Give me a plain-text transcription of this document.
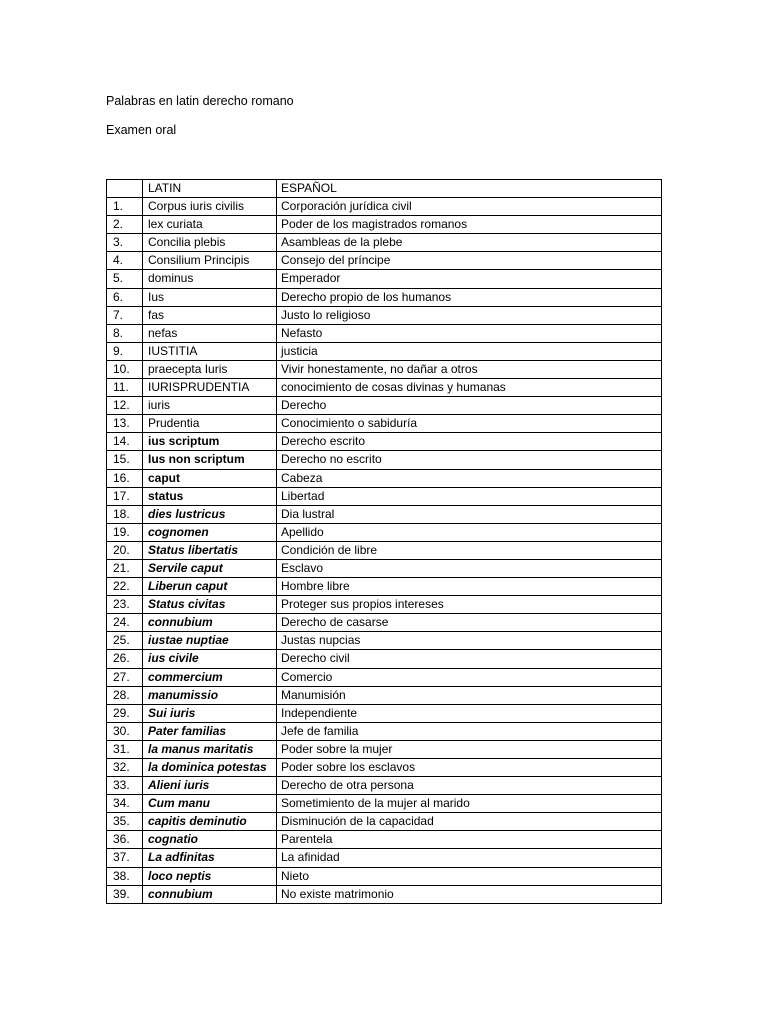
Palabras en latin derecho romano
Examen oral
	LATIN	ESPAÑOL
1.	Corpus iuris civilis	Corporación jurídica civil
2.	lex curiata	Poder de los magistrados romanos
3.	Concilia plebis	Asambleas de la plebe
4.	Consilium Principis	Consejo del príncipe
5.	dominus	Emperador
6.	Ius	Derecho propio de los humanos
7.	fas	Justo lo religioso
8.	nefas	Nefasto
9.	IUSTITIA	justicia
10.	praecepta Iuris	Vivir honestamente, no dañar a otros
11.	IURISPRUDENTIA	conocimiento de cosas divinas y humanas
12.	iuris	Derecho
13.	Prudentia	Conocimiento o sabiduría
14.	ius scriptum	Derecho escrito
15.	Ius non scriptum	Derecho no escrito
16.	caput	Cabeza
17.	status	Libertad
18.	dies lustricus	Dia lustral
19.	cognomen	Apellido
20.	Status libertatis	Condición de libre
21.	Servile caput	Esclavo
22.	Liberun caput	Hombre libre
23.	Status civitas	Proteger sus propios intereses
24.	connubium	Derecho de casarse
25.	iustae nuptiae	Justas nupcias
26.	ius civile	Derecho civil
27.	commercium	Comercio
28.	manumissio	Manumisión
29.	Sui iuris	Independiente
30.	Pater familias	Jefe de familia
31.	la manus maritatis	Poder sobre la mujer
32.	la dominica potestas	Poder sobre los esclavos
33.	Alieni iuris	Derecho de otra persona
34.	Cum manu	Sometimiento de la mujer al marido
35.	capitis deminutio	Disminución de la capacidad
36.	cognatio	Parentela
37.	La adfinitas	La afinidad
38.	loco neptis	Nieto
39.	connubium	No existe matrimonio
